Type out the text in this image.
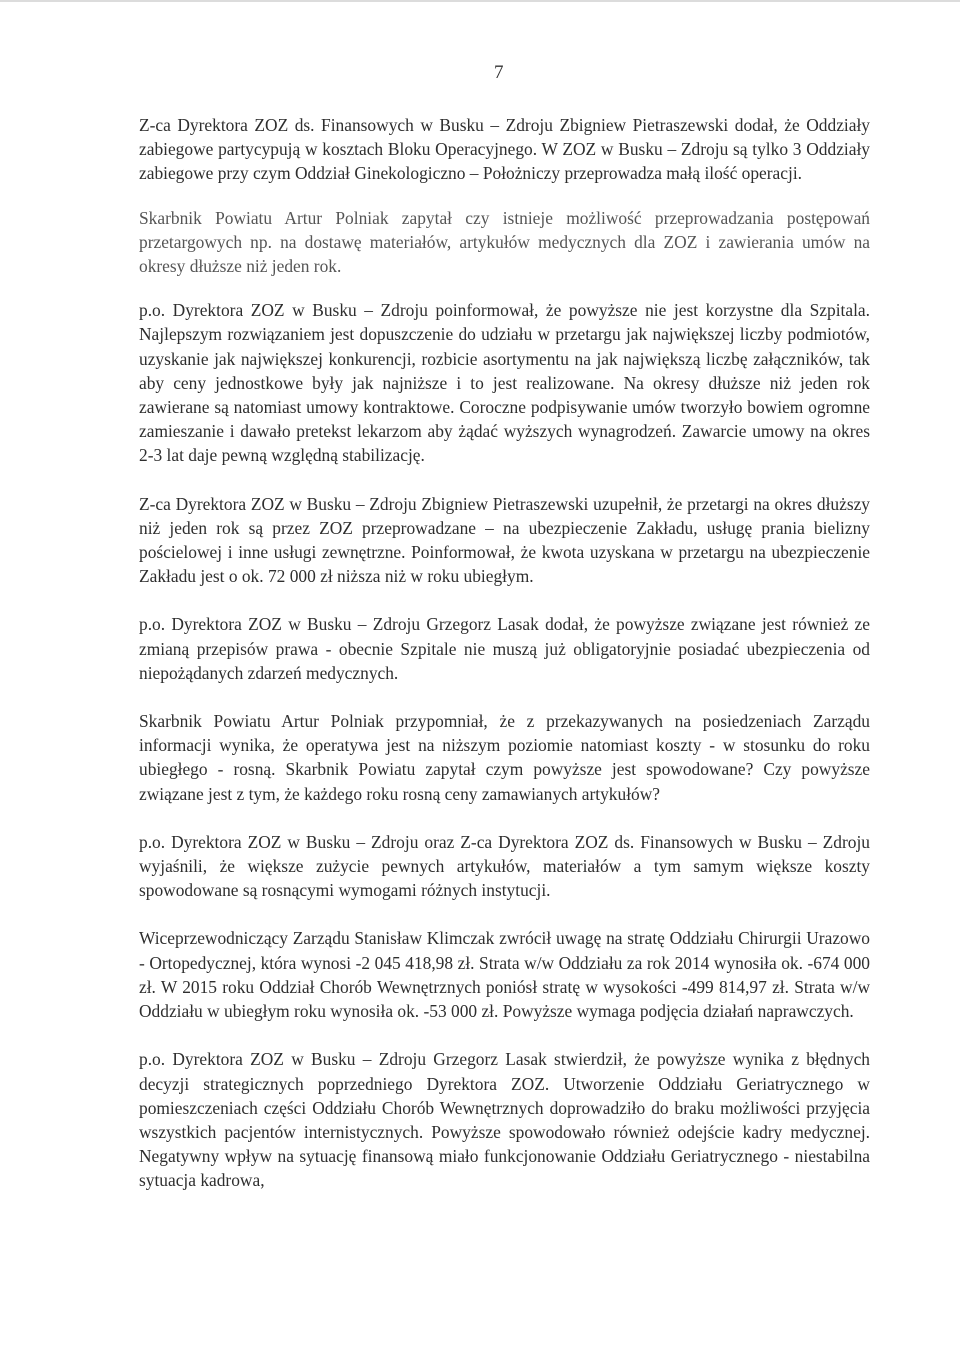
7

Z-ca Dyrektora ZOZ ds. Finansowych w Busku – Zdroju Zbigniew Pietraszewski dodał, że Oddziały zabiegowe partycypują w kosztach Bloku Operacyjnego. W ZOZ w Busku – Zdroju są tylko 3 Oddziały zabiegowe przy czym Oddział Ginekologiczno – Położniczy przeprowadza małą ilość operacji.

Skarbnik Powiatu Artur Polniak zapytał czy istnieje możliwość przeprowadzania postępowań przetargowych np. na dostawę materiałów, artykułów medycznych dla ZOZ i zawierania umów na okresy dłuższe niż jeden rok.

p.o. Dyrektora ZOZ w Busku – Zdroju poinformował, że powyższe nie jest korzystne dla Szpitala. Najlepszym rozwiązaniem jest dopuszczenie do udziału w przetargu jak największej liczby podmiotów, uzyskanie jak największej konkurencji, rozbicie asortymentu na jak największą liczbę załączników, tak aby ceny jednostkowe były jak najniższe i to jest realizowane. Na okresy dłuższe niż jeden rok zawierane są natomiast umowy kontraktowe. Coroczne podpisywanie umów tworzyło bowiem ogromne zamieszanie i dawało pretekst lekarzom aby żądać wyższych wynagrodzeń. Zawarcie umowy na okres 2-3 lat daje pewną względną stabilizację.

Z-ca Dyrektora ZOZ w Busku – Zdroju Zbigniew Pietraszewski uzupełnił, że przetargi na okres dłuższy niż jeden rok są przez ZOZ przeprowadzane – na ubezpieczenie Zakładu, usługę prania bielizny pościelowej i inne usługi zewnętrzne. Poinformował, że kwota uzyskana w przetargu na ubezpieczenie Zakładu jest o ok. 72 000 zł niższa niż w roku ubiegłym.

p.o. Dyrektora ZOZ w Busku – Zdroju Grzegorz Lasak dodał, że powyższe związane jest również ze zmianą przepisów prawa - obecnie Szpitale nie muszą już obligatoryjnie posiadać ubezpieczenia od niepożądanych zdarzeń medycznych.

Skarbnik Powiatu Artur Polniak przypomniał, że z przekazywanych na posiedzeniach Zarządu informacji wynika, że operatywa jest na niższym poziomie natomiast koszty - w stosunku do roku ubiegłego - rosną. Skarbnik Powiatu zapytał czym powyższe jest spowodowane? Czy powyższe związane jest z tym, że każdego roku rosną ceny zamawianych artykułów?

p.o. Dyrektora ZOZ w Busku – Zdroju oraz Z-ca Dyrektora ZOZ ds. Finansowych w Busku – Zdroju wyjaśnili, że większe zużycie pewnych artykułów, materiałów a tym samym większe koszty spowodowane są rosnącymi wymogami różnych instytucji.

Wiceprzewodniczący Zarządu Stanisław Klimczak zwrócił uwagę na stratę Oddziału Chirurgii Urazowo - Ortopedycznej, która wynosi -2 045 418,98 zł. Strata w/w Oddziału za rok 2014 wynosiła ok. -674 000 zł. W 2015 roku Oddział Chorób Wewnętrznych poniósł stratę w wysokości -499 814,97 zł. Strata w/w Oddziału w ubiegłym roku wynosiła ok. -53 000 zł. Powyższe wymaga podjęcia działań naprawczych.

p.o. Dyrektora ZOZ w Busku – Zdroju Grzegorz Lasak stwierdził, że powyższe wynika z błędnych decyzji strategicznych poprzedniego Dyrektora ZOZ. Utworzenie Oddziału Geriatrycznego w pomieszczeniach części Oddziału Chorób Wewnętrznych doprowadziło do braku możliwości przyjęcia wszystkich pacjentów internistycznych. Powyższe spowodowało również odejście kadry medycznej. Negatywny wpływ na sytuację finansową miało funkcjonowanie Oddziału Geriatrycznego - niestabilna sytuacja kadrowa,
